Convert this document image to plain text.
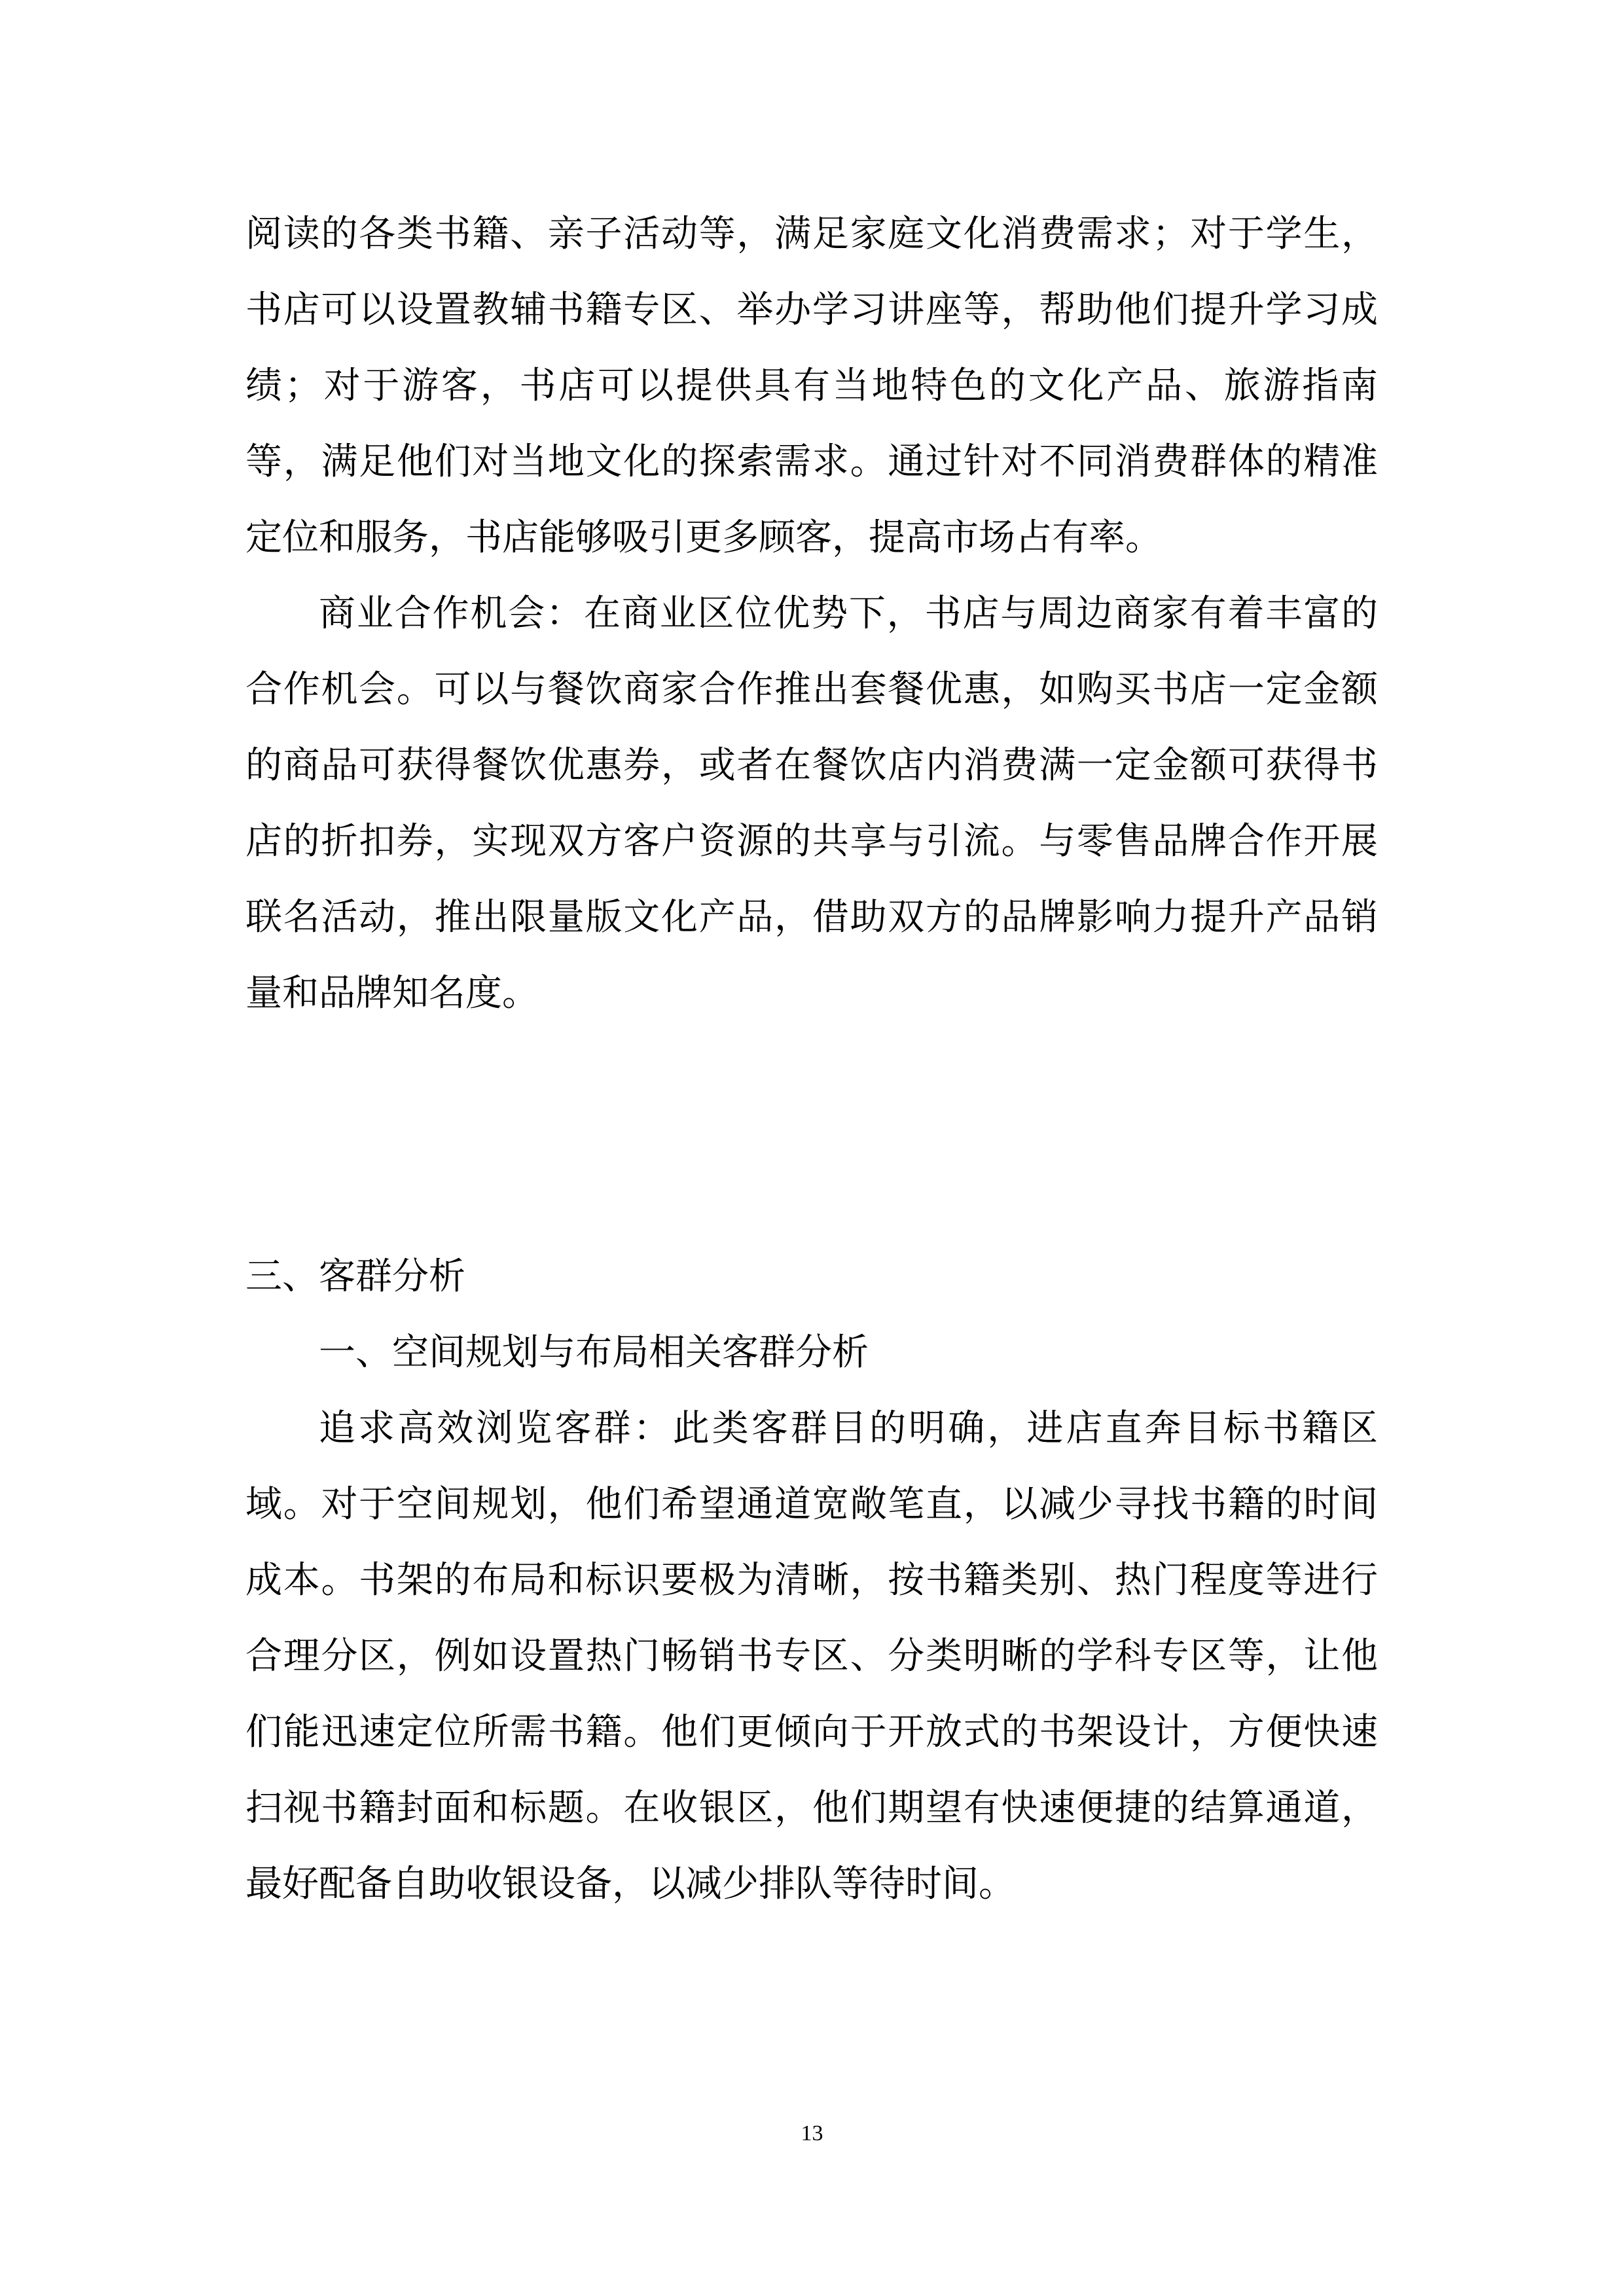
阅读的各类书籍、亲子活动等，满足家庭文化消费需求；对于学生，书店可以设置教辅书籍专区、举办学习讲座等，帮助他们提升学习成绩；对于游客，书店可以提供具有当地特色的文化产品、旅游指南等，满足他们对当地文化的探索需求。通过针对不同消费群体的精准定位和服务，书店能够吸引更多顾客，提高市场占有率。

商业合作机会：在商业区位优势下，书店与周边商家有着丰富的合作机会。可以与餐饮商家合作推出套餐优惠，如购买书店一定金额的商品可获得餐饮优惠券，或者在餐饮店内消费满一定金额可获得书店的折扣券，实现双方客户资源的共享与引流。与零售品牌合作开展联名活动，推出限量版文化产品，借助双方的品牌影响力提升产品销量和品牌知名度。

三、客群分析

一、空间规划与布局相关客群分析

追求高效浏览客群：此类客群目的明确，进店直奔目标书籍区域。对于空间规划，他们希望通道宽敞笔直，以减少寻找书籍的时间成本。书架的布局和标识要极为清晰，按书籍类别、热门程度等进行合理分区，例如设置热门畅销书专区、分类明晰的学科专区等，让他们能迅速定位所需书籍。他们更倾向于开放式的书架设计，方便快速扫视书籍封面和标题。在收银区，他们期望有快速便捷的结算通道，最好配备自助收银设备，以减少排队等待时间。

13
